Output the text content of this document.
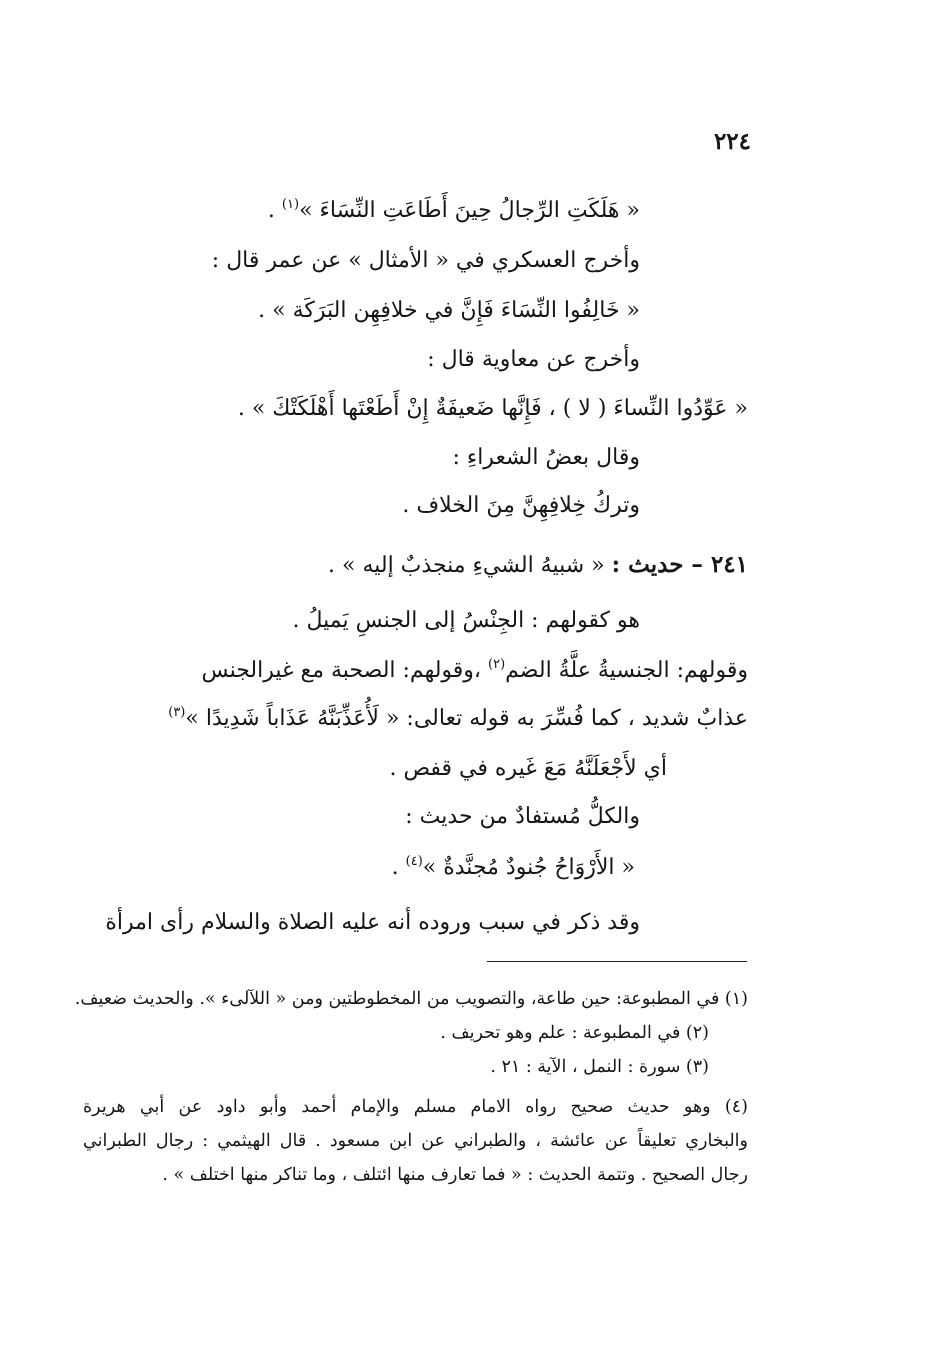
٢٢٤
« هَلَكَتِ الرِّجالُ حِينَ أَطَاعَتِ النِّسَاءَ »$^{(١)}$ .
وأخرج العسكري في « الأمثال » عن عمر قال :
« خَالِفُوا النِّسَاءَ فَإِنَّ في خلافِهِن البَرَكَة » .
وأخرج عن معاوية قال :
« عَوِّدُوا النِّساءَ ( لا ) ، فَإِنَّها ضَعيفَةٌ إِنْ أَطَعْتَها أَهْلَكَتْكَ » .
وقال بعضُ الشعراءِ :
وتركُ خِلافِهِنَّ مِنَ الخلاف .
٢٤١ – حديث : « شبيهُ الشيءِ منجذبٌ إليه » .
هو كقولهم : الجِنْسُ إلى الجنسِ يَميلُ .
وقولهم: الجنسيةُ علَّةُ الضم$^{(٢)}$ ،وقولهم: الصحبة مع غيرالجنس
عذابٌ شديد ، كما فُسِّرَ به قوله تعالى: « لَأُعَذِّبَنَّهُ عَذَاباً شَدِيدًا »$^{(٣)}$
أي لأَجْعَلَنَّهُ مَعَ غَيره في قفص .
والكلُّ مُستفادٌ من حديث :
« الأَرْوَاحُ جُنودٌ مُجنَّدةٌ »$^{(٤)}$ .
وقد ذكر في سبب وروده أنه عليه الصلاة والسلام رأى امرأة
(١) في المطبوعة: حين طاعة، والتصويب من المخطوطتين ومن « اللآلىء ». والحديث ضعيف.
(٢) في المطبوعة : علم وهو تحريف .
(٣) سورة : النمل ، الآية : ٢١ .
(٤) وهو حديث صحيح رواه الامام مسلم والإمام أحمد وأبو داود عن أبي هريرة
والبخاري تعليقاً عن عائشة ، والطبراني عن ابن مسعود . قال الهيثمي : رجال الطبراني
رجال الصحيح . وتتمة الحديث : « فما تعارف منها ائتلف ، وما تناكر منها اختلف » .
